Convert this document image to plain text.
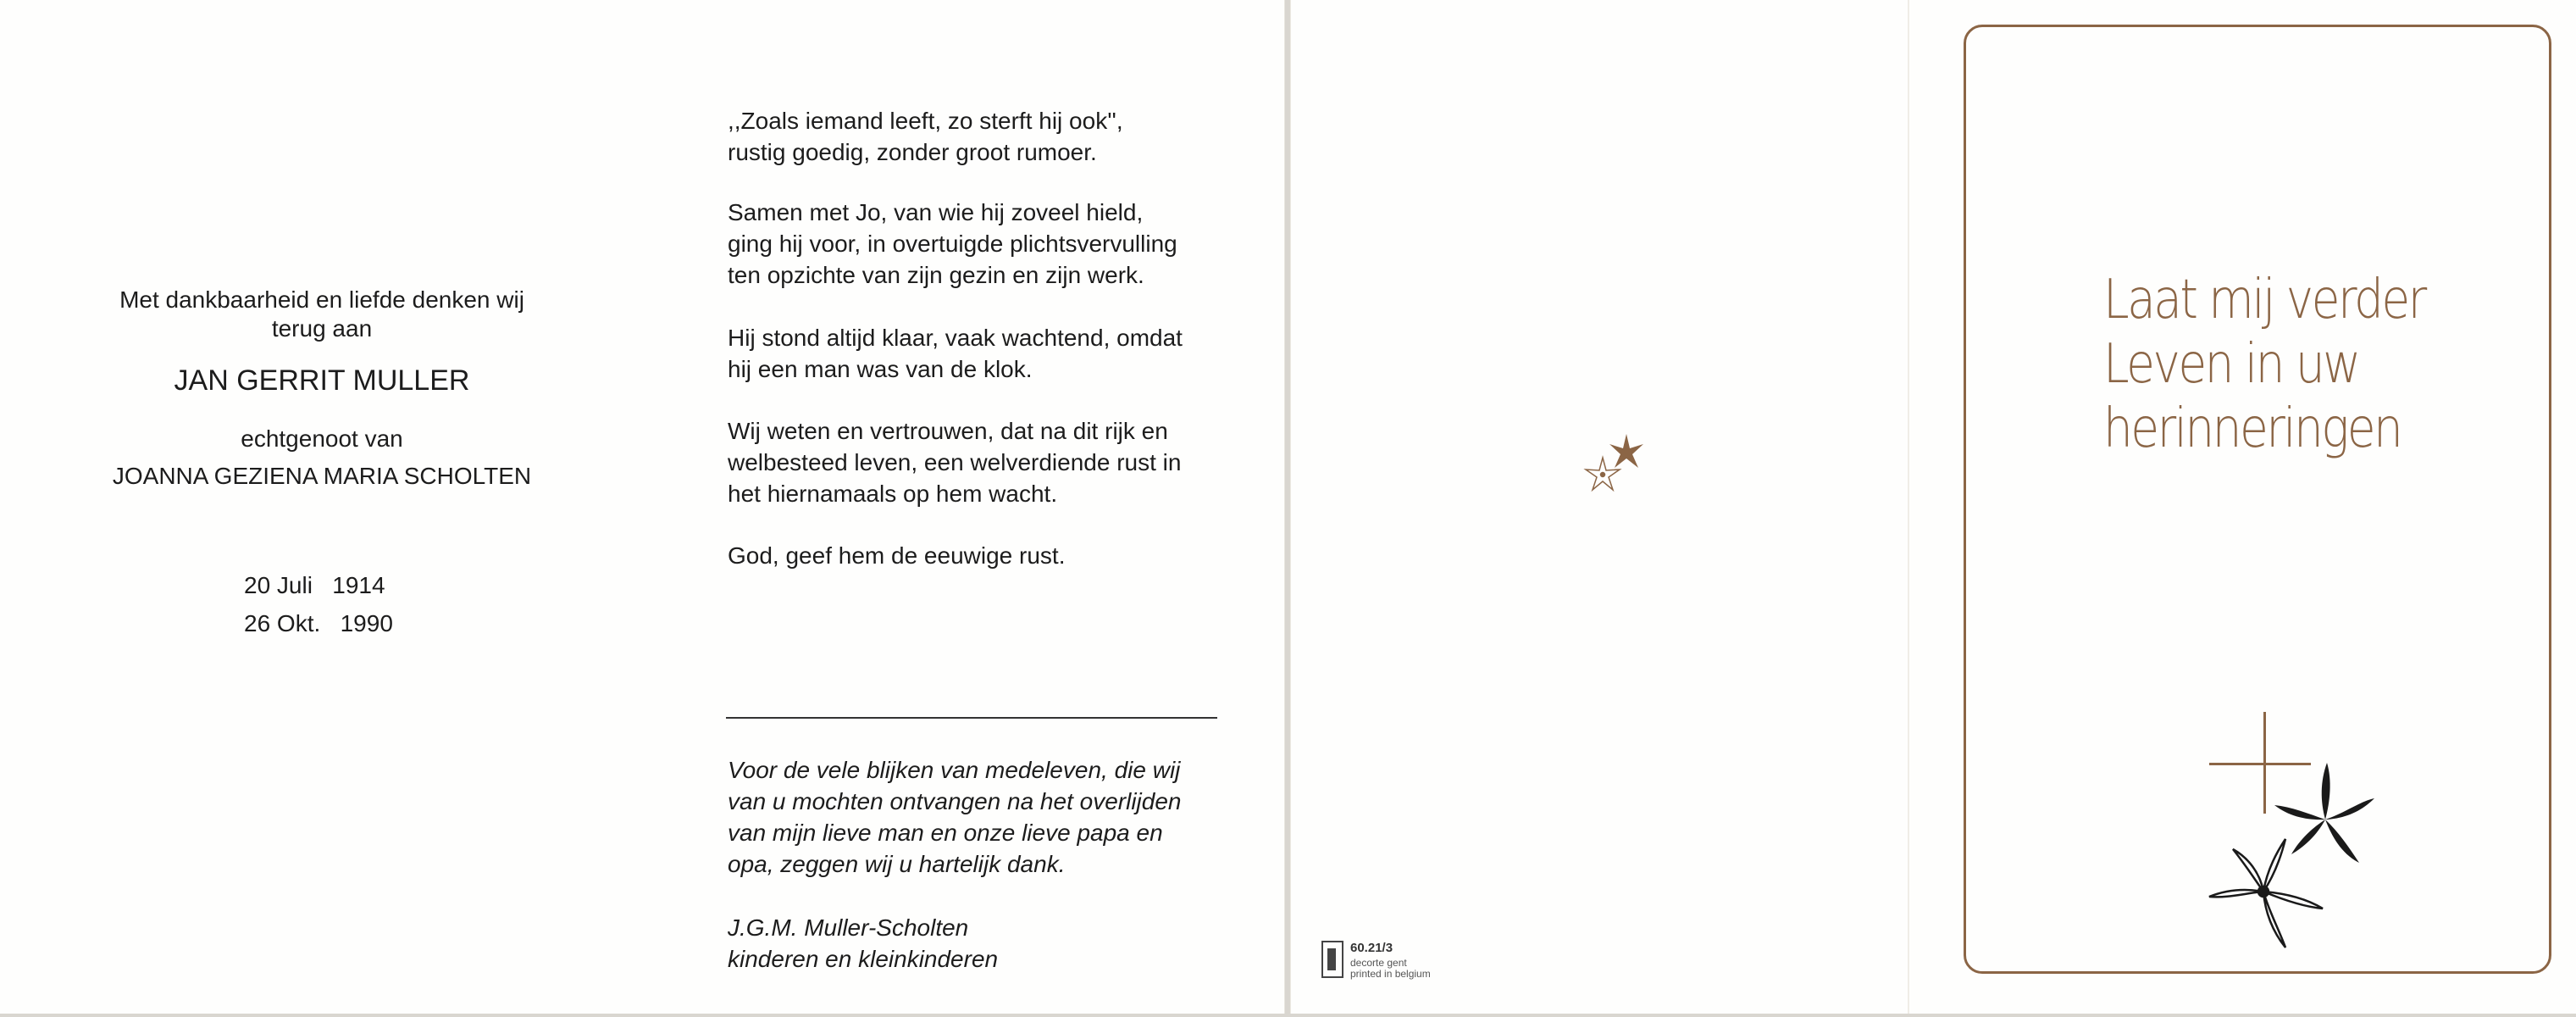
Met dankbaarheid en liefde denken wij
terug aan
JAN GERRIT MULLER
echtgenoot van
JOANNA GEZIENA MARIA SCHOLTEN
20 Juli   1914
26 Okt.   1990
,,Zoals iemand leeft, zo sterft hij ook'',
rustig goedig, zonder groot rumoer.
Samen met Jo, van wie hij zoveel hield,
ging hij voor, in overtuigde plichtsvervulling
ten opzichte van zijn gezin en zijn werk.
Hij stond altijd klaar, vaak wachtend, omdat
hij een man was van de klok.
Wij weten en vertrouwen, dat na dit rijk en
welbesteed leven, een welverdiende rust in
het hiernamaals op hem wacht.
God, geef hem de eeuwige rust.
Voor de vele blijken van medeleven, die wij
van u mochten ontvangen na het overlijden
van mijn lieve man en onze lieve papa en
opa, zeggen wij u hartelijk dank.
J.G.M. Muller-Scholten
kinderen en kleinkinderen	60.21/3
decorte gent
printed in belgium
Laat mij verder
Leven in uw
herinneringen
